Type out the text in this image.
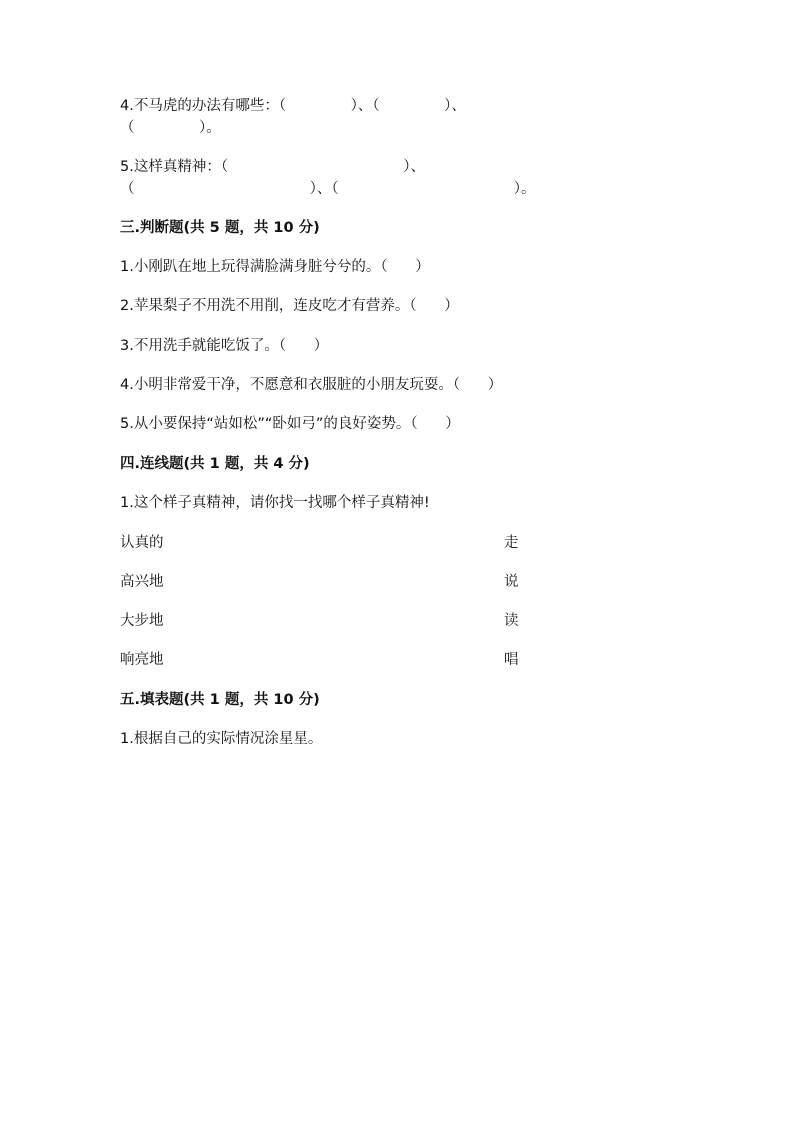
4.不马虎的办法有哪些：（              ）、（              ）、
（              ）。
5.这样真精神：（                                      ）、
（                                      ）、（                                      ）。
三.判断题(共 5 题，共 10 分)
1.小刚趴在地上玩得满脸满身脏兮兮的。（      ）
2.苹果梨子不用洗不用削，连皮吃才有营养。（      ）
3.不用洗手就能吃饭了。（      ）
4.小明非常爱干净，不愿意和衣服脏的小朋友玩耍。（      ）
5.从小要保持“站如松”“卧如弓”的良好姿势。（      ）
四.连线题(共 1 题，共 4 分)
1.这个样子真精神，请你找一找哪个样子真精神!
认真的	走
高兴地	说
大步地	读
响亮地	唱
五.填表题(共 1 题，共 10 分)
1.根据自己的实际情况涂星星。
